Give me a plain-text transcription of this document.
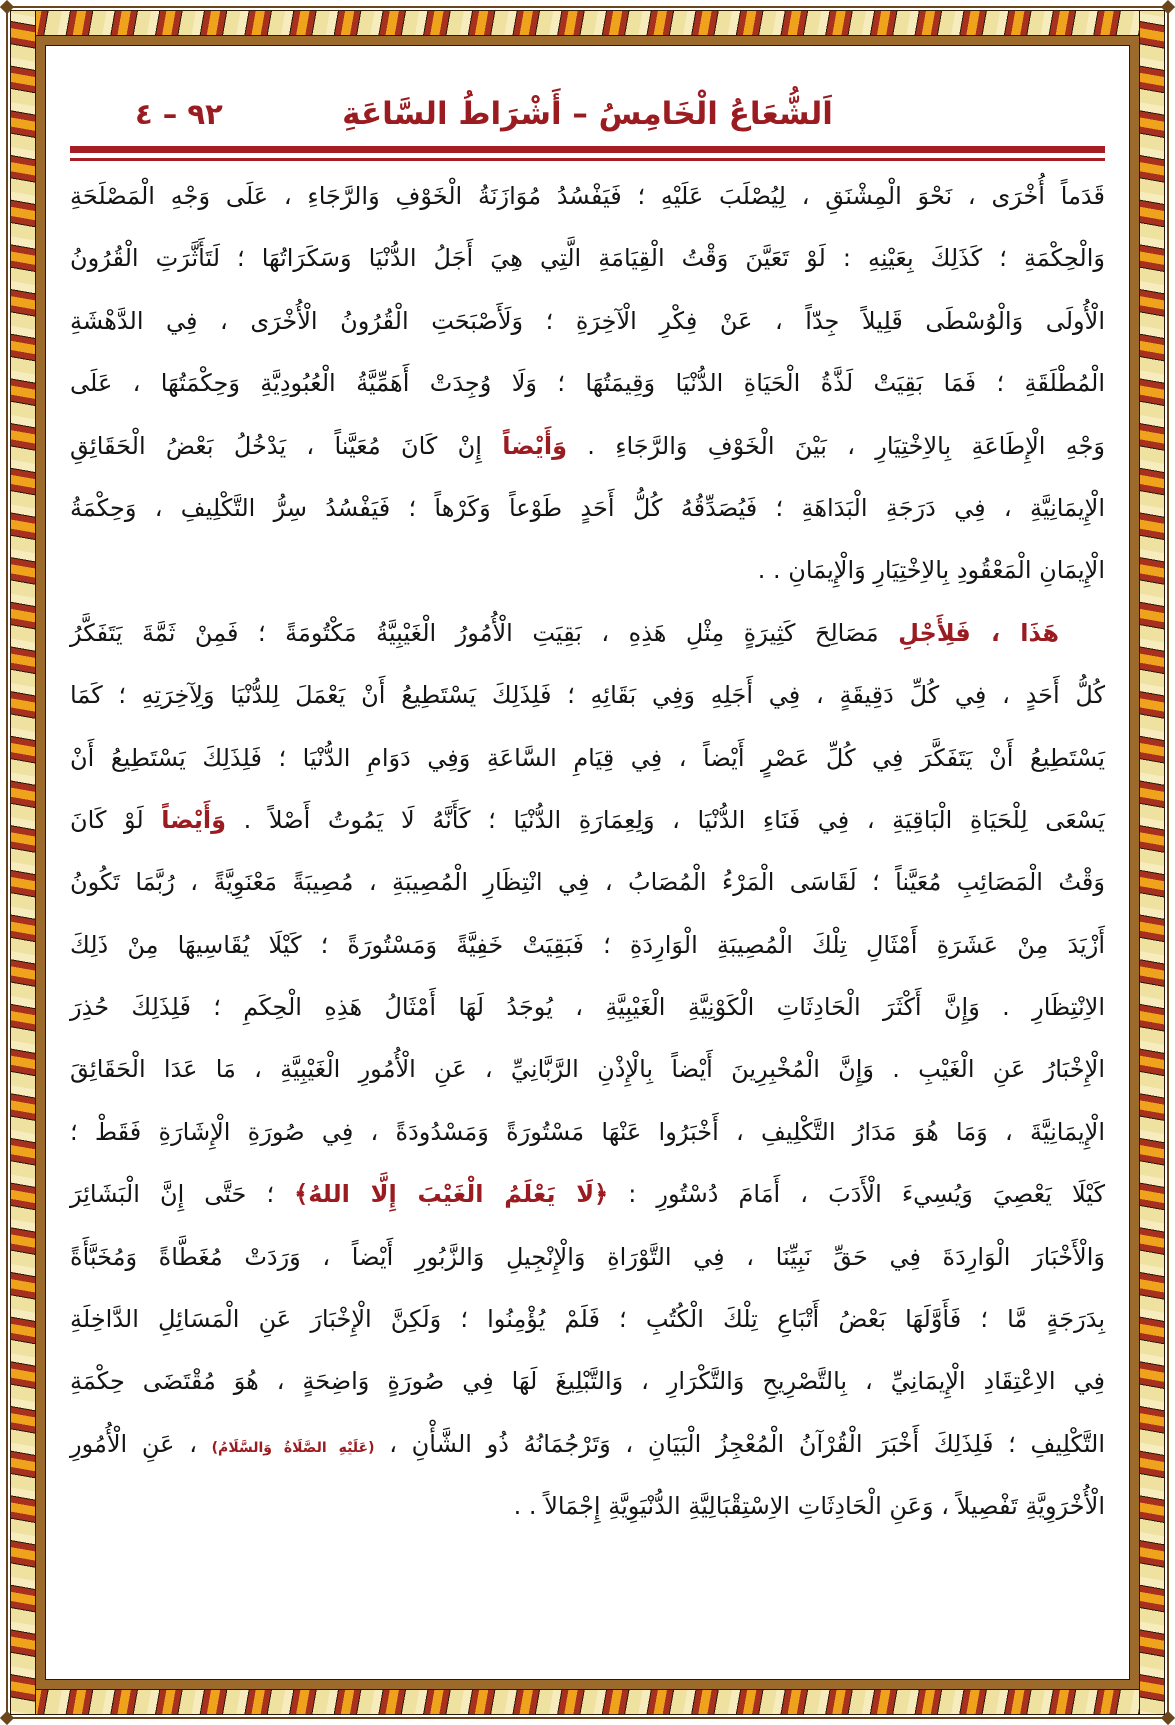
اَلشُّعَاعُ الْخَامِسُ – أَشْرَاطُ السَّاعَةِ
٩٢ – ٤
قَدَماً أُخْرَى ، نَحْوَ الْمِشْنَقِ ، لِيُصْلَبَ عَلَيْهِ ؛ فَيَفْسُدُ مُوَازَنَةُ الْخَوْفِ وَالرَّجَاءِ ، عَلَى وَجْهِ الْمَصْلَحَةِ
وَالْحِكْمَةِ ؛ كَذَلِكَ بِعَيْنِهِ : لَوْ تَعَيَّنَ وَقْتُ الْقِيَامَةِ الَّتِي هِيَ أَجَلُ الدُّنْيَا وَسَكَرَاتُهَا ؛ لَتَأَثَّرَتِ الْقُرُونُ
الْأُولَى وَالْوُسْطَى قَلِيلاً جِدّاً ، عَنْ فِكْرِ الْآخِرَةِ ؛ وَلَأَصْبَحَتِ الْقُرُونُ الْأُخْرَى ، فِي الدَّهْشَةِ
الْمُطْلَقَةِ ؛ فَمَا بَقِيَتْ لَذَّةُ الْحَيَاةِ الدُّنْيَا وَقِيمَتُهَا ؛ وَلَا وُجِدَتْ أَهَمِّيَّةُ الْعُبُودِيَّةِ وَحِكْمَتُهَا ، عَلَى
وَجْهِ الْإِطَاعَةِ بِالاِخْتِيَارِ ، بَيْنَ الْخَوْفِ وَالرَّجَاءِ . وَأَيْضاً إِنْ كَانَ مُعَيَّناً ، يَدْخُلُ بَعْضُ الْحَقَائِقِ
الْإِيمَانِيَّةِ ، فِي دَرَجَةِ الْبَدَاهَةِ ؛ فَيُصَدِّقُهُ كُلُّ أَحَدٍ طَوْعاً وَكَرْهاً ؛ فَيَفْسُدُ سِرُّ التَّكْلِيفِ ، وَحِكْمَةُ
الْإِيمَانِ الْمَعْقُودِ بِالاِخْتِيَارِ وَالْإِيمَانِ . .
هَذَا ، فَلِأَجْلِ مَصَالِحَ كَثِيرَةٍ مِثْلِ هَذِهِ ، بَقِيَتِ الْأُمُورُ الْغَيْبِيَّةُ مَكْتُومَةً ؛ فَمِنْ ثَمَّةَ يَتَفَكَّرُ
كُلُّ أَحَدٍ ، فِي كُلِّ دَقِيقَةٍ ، فِي أَجَلِهِ وَفِي بَقَائِهِ ؛ فَلِذَلِكَ يَسْتَطِيعُ أَنْ يَعْمَلَ لِلدُّنْيَا وَلِآخِرَتِهِ ؛ كَمَا
يَسْتَطِيعُ أَنْ يَتَفَكَّرَ فِي كُلِّ عَصْرٍ أَيْضاً ، فِي قِيَامِ السَّاعَةِ وَفِي دَوَامِ الدُّنْيَا ؛ فَلِذَلِكَ يَسْتَطِيعُ أَنْ
يَسْعَى لِلْحَيَاةِ الْبَاقِيَةِ ، فِي فَنَاءِ الدُّنْيَا ، وَلِعِمَارَةِ الدُّنْيَا ؛ كَأَنَّهُ لَا يَمُوتُ أَصْلاً . وَأَيْضاً لَوْ كَانَ
وَقْتُ الْمَصَائِبِ مُعَيَّناً ؛ لَقَاسَى الْمَرْءُ الْمُصَابُ ، فِي انْتِظَارِ الْمُصِيبَةِ ، مُصِيبَةً مَعْنَوِيَّةً ، رُبَّمَا تَكُونُ
أَزْيَدَ مِنْ عَشَرَةِ أَمْثَالِ تِلْكَ الْمُصِيبَةِ الْوَارِدَةِ ؛ فَبَقِيَتْ خَفِيَّةً وَمَسْتُورَةً ؛ كَيْلَا يُقَاسِيهَا مِنْ ذَلِكَ
الاِنْتِظَارِ . وَإِنَّ أَكْثَرَ الْحَادِثَاتِ الْكَوْنِيَّةِ الْغَيْبِيَّةِ ، يُوجَدُ لَهَا أَمْثَالُ هَذِهِ الْحِكَمِ ؛ فَلِذَلِكَ حُذِرَ
الْإِخْبَارُ عَنِ الْغَيْبِ . وَإِنَّ الْمُخْبِرِينَ أَيْضاً بِالْإِذْنِ الرَّبَّانِيِّ ، عَنِ الْأُمُورِ الْغَيْبِيَّةِ ، مَا عَدَا الْحَقَائِقَ
الْإِيمَانِيَّةَ ، وَمَا هُوَ مَدَارُ التَّكْلِيفِ ، أَخْبَرُوا عَنْهَا مَسْتُورَةً وَمَسْدُودَةً ، فِي صُورَةِ الْإِشَارَةِ فَقَطْ ؛
كَيْلَا يَعْصِيَ وَيُسِيءَ الْأَدَبَ ، أَمَامَ دُسْتُورِ : ﴿لَا يَعْلَمُ الْغَيْبَ إِلَّا اللهُ﴾ ؛ حَتَّى إِنَّ الْبَشَائِرَ
وَالْأَخْبَارَ الْوَارِدَةَ فِي حَقِّ نَبِيِّنَا ، فِي التَّوْرَاةِ وَالْإِنْجِيلِ وَالزَّبُورِ أَيْضاً ، وَرَدَتْ مُغَطَّاةً وَمُخَبَّأَةً
بِدَرَجَةٍ مَّا ؛ فَأَوَّلَهَا بَعْضُ أَتْبَاعِ تِلْكَ الْكُتُبِ ؛ فَلَمْ يُؤْمِنُوا ؛ وَلَكِنَّ الْإِخْبَارَ عَنِ الْمَسَائِلِ الدَّاخِلَةِ
فِي الاِعْتِقَادِ الْإِيمَانِيِّ ، بِالتَّصْرِيحِ وَالتَّكْرَارِ ، وَالتَّبْلِيغَ لَهَا فِي صُورَةٍ وَاضِحَةٍ ، هُوَ مُقْتَضَى حِكْمَةِ
التَّكْلِيفِ ؛ فَلِذَلِكَ أَخْبَرَ الْقُرْآنُ الْمُعْجِزُ الْبَيَانِ ، وَتَرْجُمَانُهُ ذُو الشَّأْنِ ، (عَلَيْهِ الصَّلَاةُ وَالسَّلَامُ) ، عَنِ الْأُمُورِ
الْأُخْرَوِيَّةِ تَفْصِيلاً ، وَعَنِ الْحَادِثَاتِ الاِسْتِقْبَالِيَّةِ الدُّنْيَوِيَّةِ إِجْمَالاً . .
